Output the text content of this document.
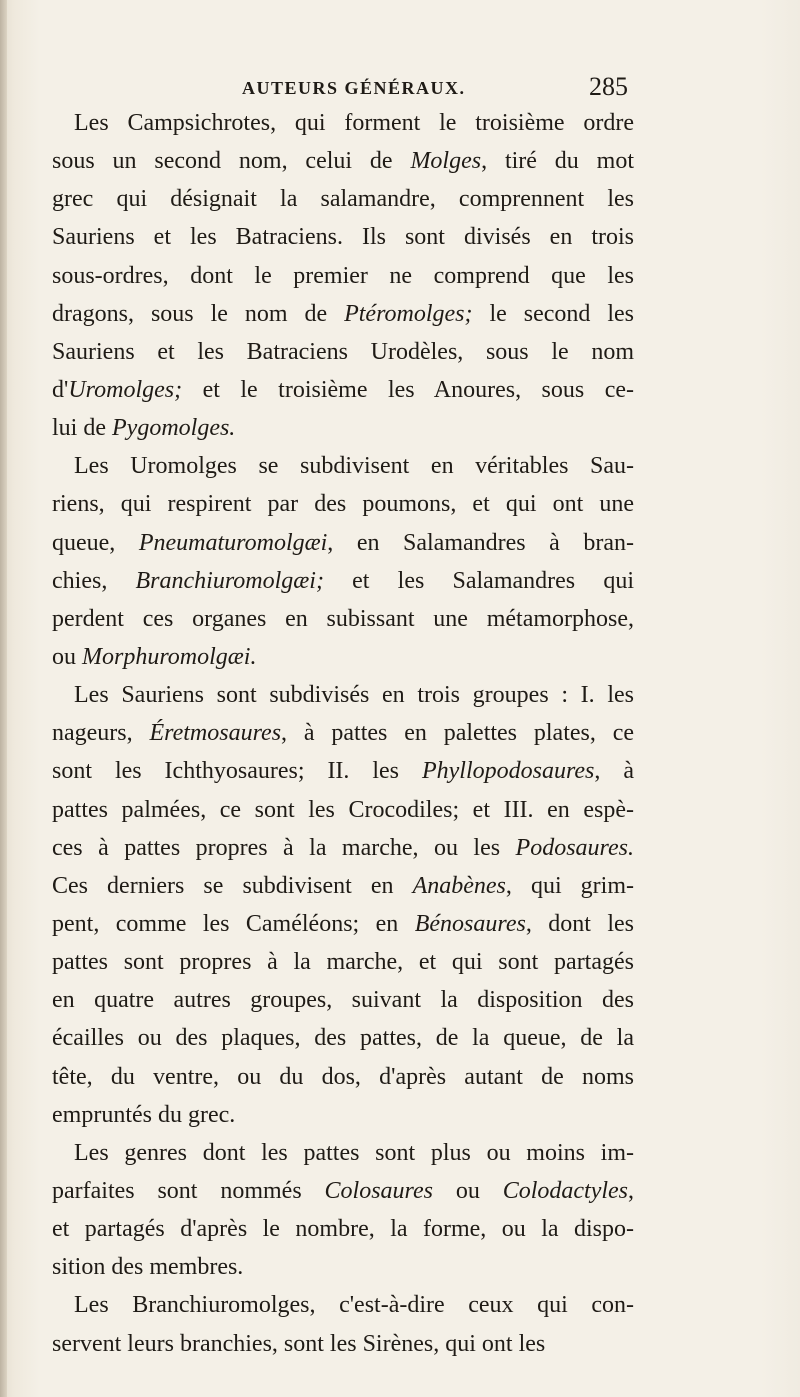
AUTEURS GÉNÉRAUX.	285
Les Campsichrotes, qui forment le troisième ordre
sous un second nom, celui de Molges, tiré du mot
grec qui désignait la salamandre, comprennent les
Sauriens et les Batraciens. Ils sont divisés en trois
sous-ordres, dont le premier ne comprend que les
dragons, sous le nom de Ptéromolges; le second les
Sauriens et les Batraciens Urodèles, sous le nom
d'Uromolges; et le troisième les Anoures, sous ce-
lui de Pygomolges.
Les Uromolges se subdivisent en véritables Sau-
riens, qui respirent par des poumons, et qui ont une
queue, Pneumaturomolgæi, en Salamandres à bran-
chies, Branchiuromolgæi; et les Salamandres qui
perdent ces organes en subissant une métamorphose,
ou Morphuromolgæi.
Les Sauriens sont subdivisés en trois groupes : I. les
nageurs, Éretmosaures, à pattes en palettes plates, ce
sont les Ichthyosaures; II. les Phyllopodosaures, à
pattes palmées, ce sont les Crocodiles; et III. en espè-
ces à pattes propres à la marche, ou les Podosaures.
Ces derniers se subdivisent en Anabènes, qui grim-
pent, comme les Caméléons; en Bénosaures, dont les
pattes sont propres à la marche, et qui sont partagés
en quatre autres groupes, suivant la disposition des
écailles ou des plaques, des pattes, de la queue, de la
tête, du ventre, ou du dos, d'après autant de noms
empruntés du grec.
Les genres dont les pattes sont plus ou moins im-
parfaites sont nommés Colosaures ou Colodactyles,
et partagés d'après le nombre, la forme, ou la dispo-
sition des membres.
Les Branchiuromolges, c'est-à-dire ceux qui con-
servent leurs branchies, sont les Sirènes, qui ont les
